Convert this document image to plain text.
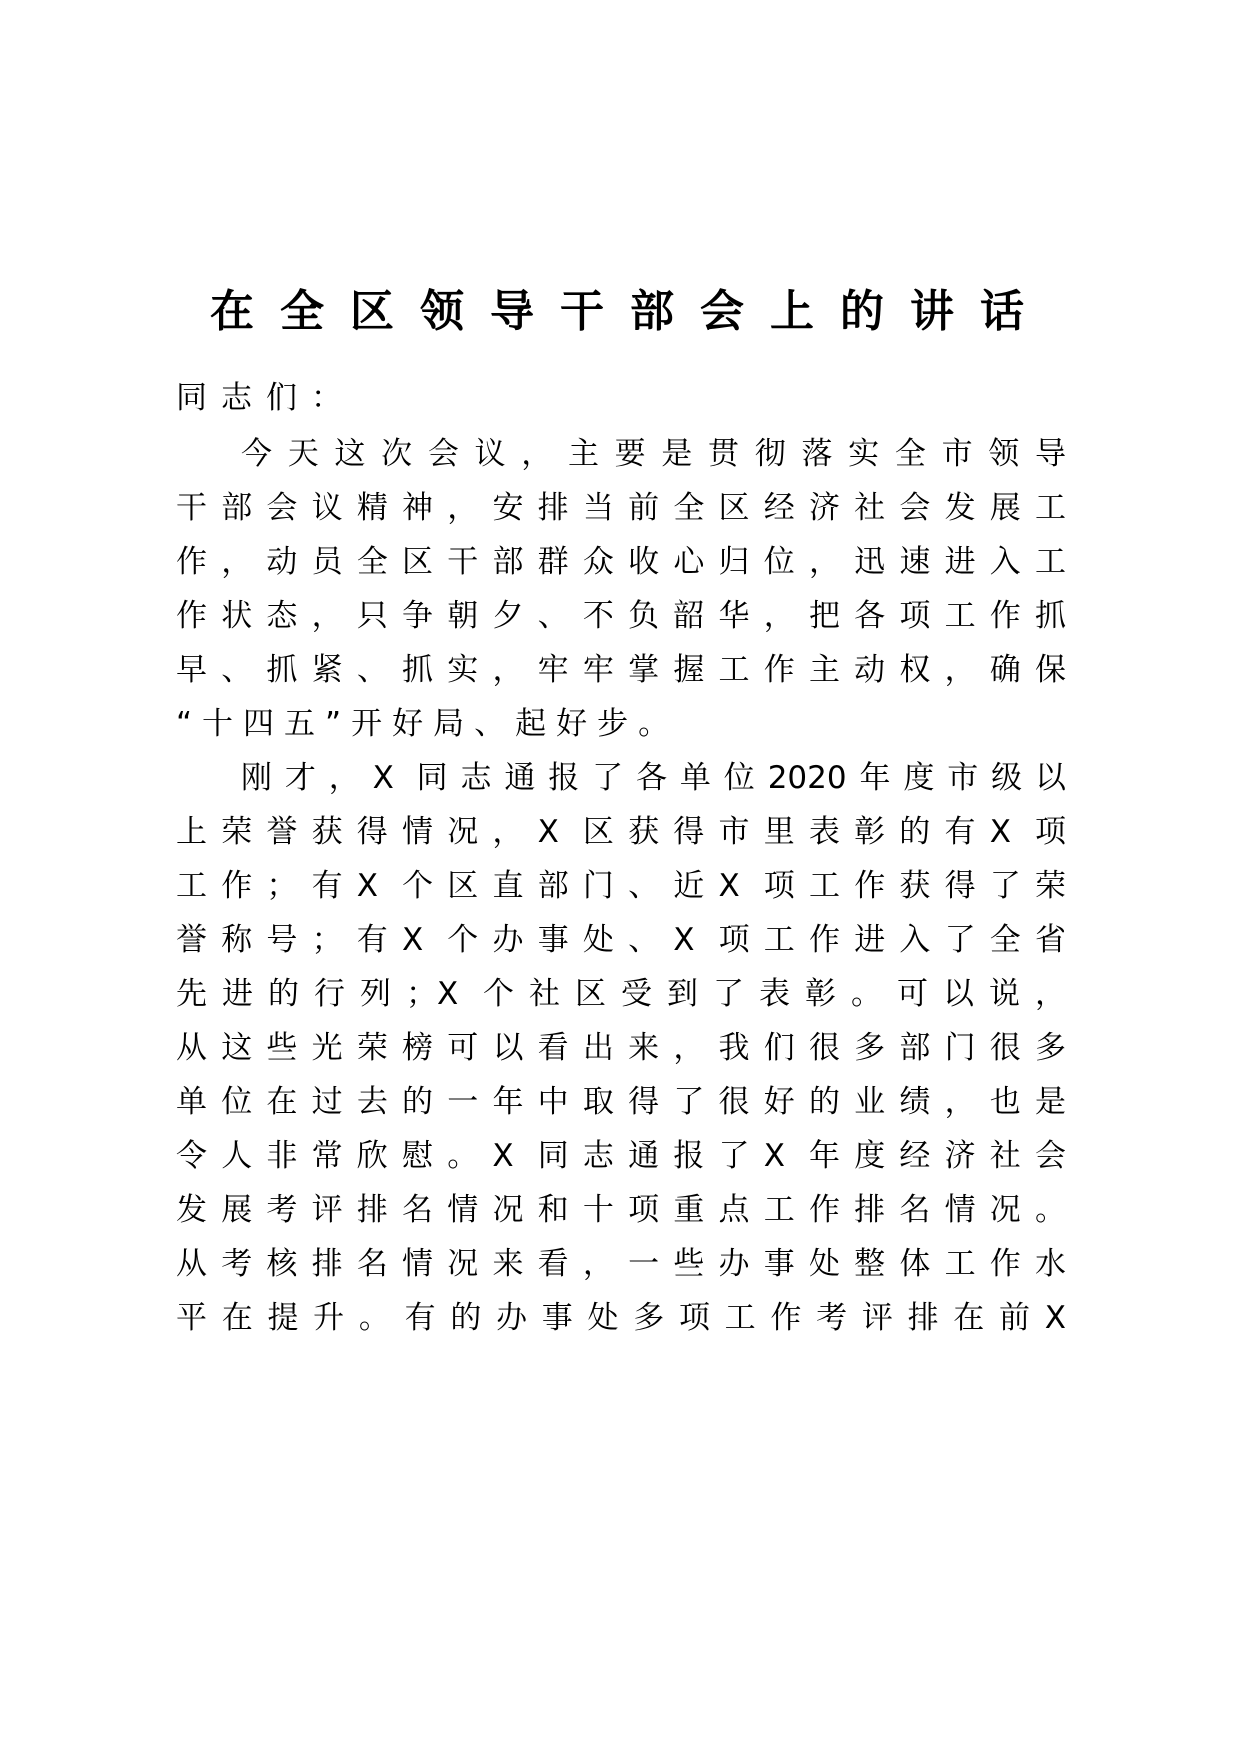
在全区领导干部会上的讲话
同志们：
今天这次会议，主要是贯彻落实全市领导
干部会议精神，安排当前全区经济社会发展工
作，动员全区干部群众收心归位，迅速进入工
作状态，只争朝夕、不负韶华，把各项工作抓
早、抓紧、抓实，牢牢掌握工作主动权，确保
“十四五”开好局、起好步。
刚才，X 同志通报了各单位2020年度市级以
上荣誉获得情况，X 区获得市里表彰的有X 项
工作；有X 个区直部门、近X 项工作获得了荣
誉称号；有X 个办事处、X 项工作进入了全省
先进的行列；X 个社区受到了表彰。可以说，
从这些光荣榜可以看出来，我们很多部门很多
单位在过去的一年中取得了很好的业绩，也是
令人非常欣慰。X 同志通报了X 年度经济社会
发展考评排名情况和十项重点工作排名情况。
从考核排名情况来看，一些办事处整体工作水
平在提升。有的办事处多项工作考评排在前X
